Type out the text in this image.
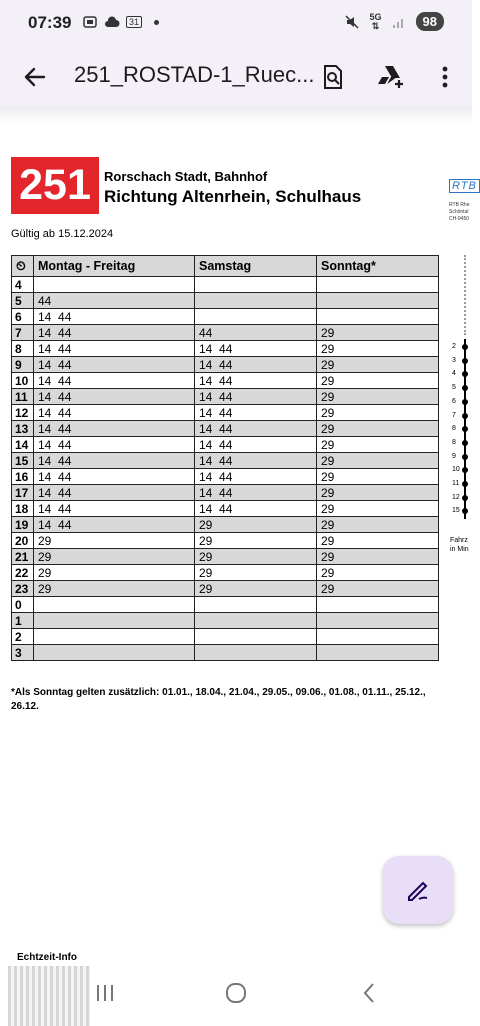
07:39	31
5G
⇅	98
251_ROSTAD-1_Ruec...
251	Rorschach Stadt, Bahnhof
Richtung Altenrhein, Schulhaus
Gültig ab 15.12.2024
RTB
RTB Rhe
Schöntal
CH-9450
⏲	Montag - Freitag	Samstag	Sonntag*
4			
5	44		
6	14  44		
7	14  44	44	29
8	14  44	14  44	29
9	14  44	14  44	29
10	14  44	14  44	29
11	14  44	14  44	29
12	14  44	14  44	29
13	14  44	14  44	29
14	14  44	14  44	29
15	14  44	14  44	29
16	14  44	14  44	29
17	14  44	14  44	29
18	14  44	14  44	29
19	14  44	29	29
20	29	29	29
21	29	29	29
22	29	29	29
23	29	29	29
0			
1			
2			
3			
*Als Sonntag gelten zusätzlich: 01.01., 18.04., 21.04., 29.05., 09.06., 01.08., 01.11., 25.12., 26.12.
2
3
4
5
6
7
8
8
9
10
11
12
15
Fahrz
in Min
Echtzeit-Info
